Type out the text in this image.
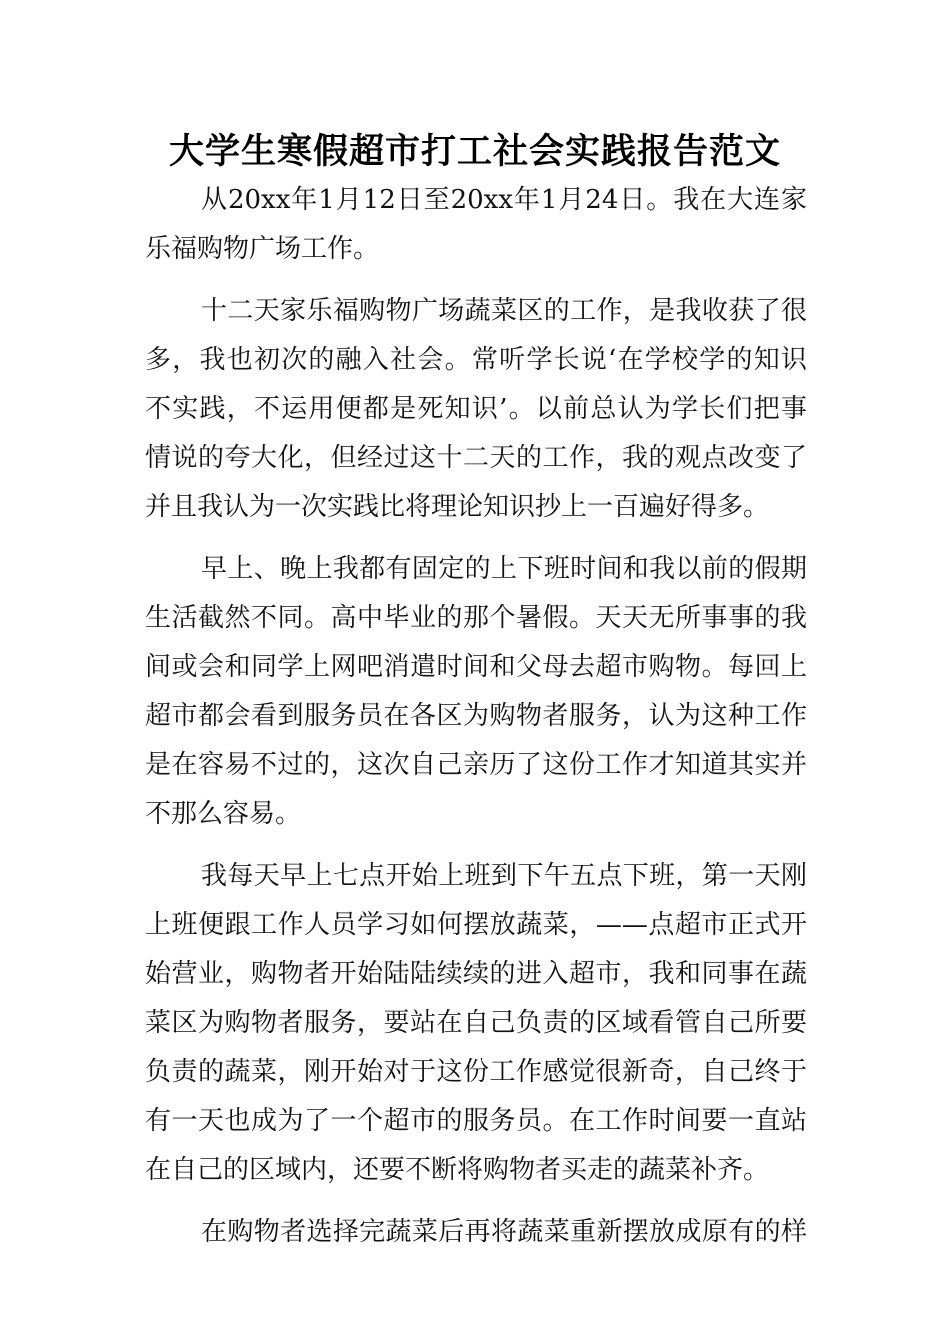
大学生寒假超市打工社会实践报告范文
从20xx年1月12日至20xx年1月24日。我在大连家
乐福购物广场工作。
十二天家乐福购物广场蔬菜区的工作，是我收获了很
多，我也初次的融入社会。常听学长说‘在学校学的知识
不实践，不运用便都是死知识’。以前总认为学长们把事
情说的夸大化，但经过这十二天的工作，我的观点改变了
并且我认为一次实践比将理论知识抄上一百遍好得多。
早上、晚上我都有固定的上下班时间和我以前的假期
生活截然不同。高中毕业的那个暑假。天天无所事事的我
间或会和同学上网吧消遣时间和父母去超市购物。每回上
超市都会看到服务员在各区为购物者服务，认为这种工作
是在容易不过的，这次自己亲历了这份工作才知道其实并
不那么容易。
我每天早上七点开始上班到下午五点下班，第一天刚
上班便跟工作人员学习如何摆放蔬菜，——点超市正式开
始营业，购物者开始陆陆续续的进入超市，我和同事在蔬
菜区为购物者服务，要站在自己负责的区域看管自己所要
负责的蔬菜，刚开始对于这份工作感觉很新奇，自己终于
有一天也成为了一个超市的服务员。在工作时间要一直站
在自己的区域内，还要不断将购物者买走的蔬菜补齐。
在购物者选择完蔬菜后再将蔬菜重新摆放成原有的样
